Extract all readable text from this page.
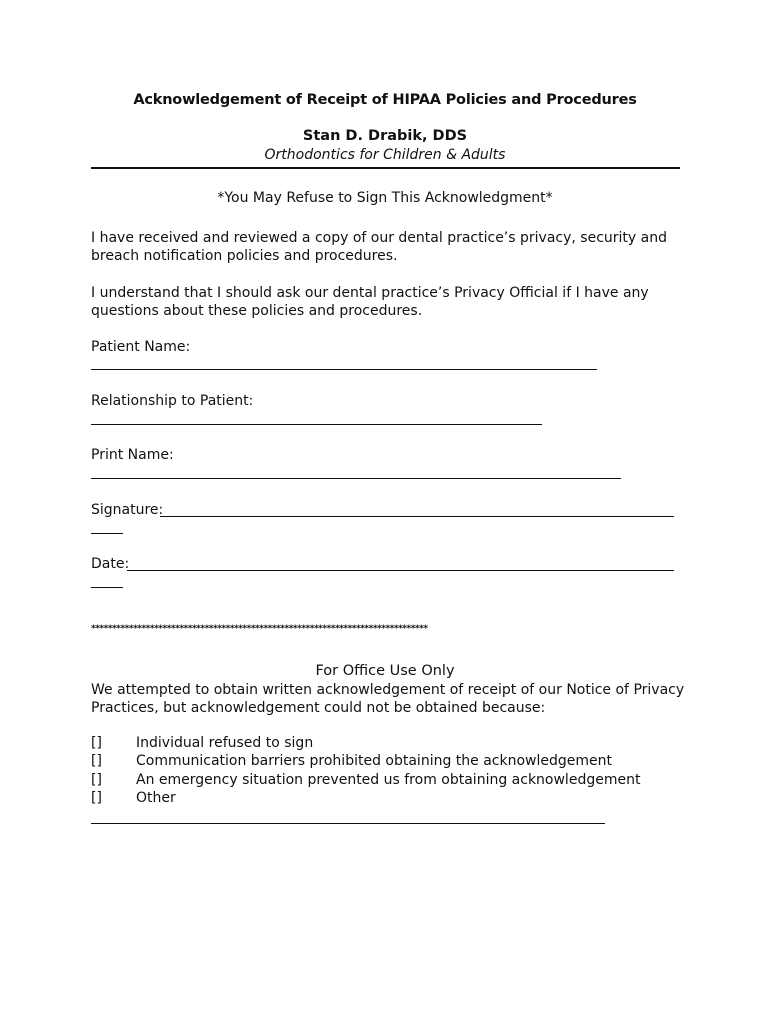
Acknowledgement of Receipt of HIPAA Policies and Procedures
Stan D. Drabik, DDS
Orthodontics for Children & Adults
*You May Refuse to Sign This Acknowledgment*
I have received and reviewed a copy of our dental practice’s privacy, security and
breach notification policies and procedures.
I understand that I should ask our dental practice’s Privacy Official if I have any
questions about these policies and procedures.
Patient Name:
Relationship to Patient:
Print Name:
Signature:
Date:
********************************************************************************
For Office Use Only
We attempted to obtain written acknowledgement of receipt of our Notice of Privacy
Practices, but acknowledgement could not be obtained because:
[] Individual refused to sign
[] Communication barriers prohibited obtaining the acknowledgement
[] An emergency situation prevented us from obtaining acknowledgement
[] Other
